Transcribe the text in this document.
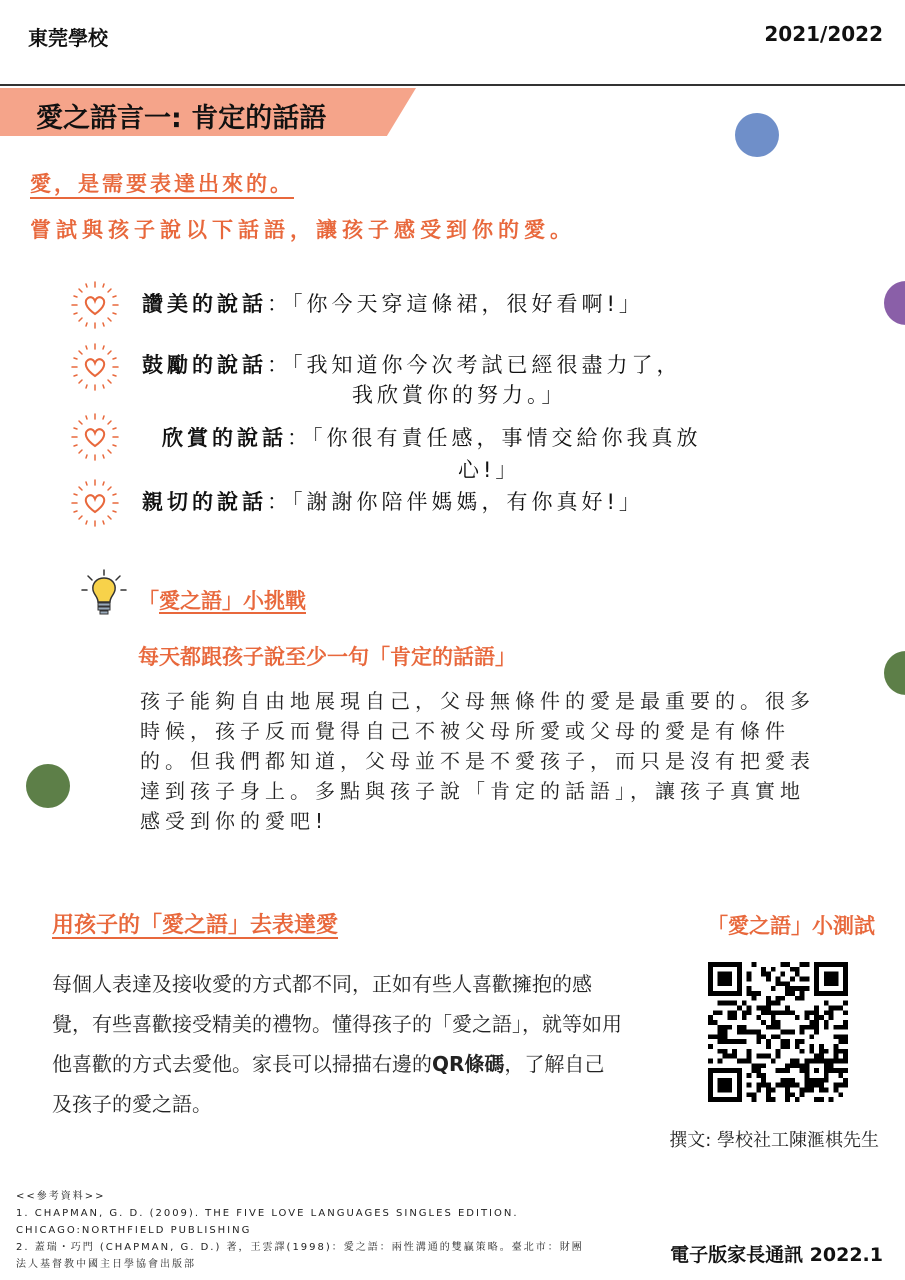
東莞學校	2021/2022
愛之語言一: 肯定的話語
愛，是需要表達出來的。
嘗試與孩子說以下話語，讓孩子感受到你的愛。
讚美的說話：「你今天穿這條裙，很好看啊!」
鼓勵的說話：「我知道你今次考試已經很盡力了，
我欣賞你的努力。」
欣賞的說話：「你很有責任感，事情交給你我真放
心!」
親切的說話：「謝謝你陪伴媽媽，有你真好!」
「愛之語」小挑戰
每天都跟孩子說至少一句「肯定的話語」
孩子能夠自由地展現自己，父母無條件的愛是最重要的。很多時候，孩子反而覺得自己不被父母所愛或父母的愛是有條件的。但我們都知道，父母並不是不愛孩子，而只是沒有把愛表達到孩子身上。多點與孩子說「肯定的話語」，讓孩子真實地感受到你的愛吧!
用孩子的「愛之語」去表達愛	「愛之語」小測試
每個人表達及接收愛的方式都不同，正如有些人喜歡擁抱的感覺，有些喜歡接受精美的禮物。懂得孩子的「愛之語」，就等如用他喜歡的方式去愛他。家長可以掃描右邊的QR條碼，了解自己及孩子的愛之語。
撰文: 學校社工陳滙棋先生
<<參考資料>>
1. CHAPMAN, G. D. (2009). THE FIVE LOVE LANGUAGES SINGLES EDITION.
CHICAGO:NORTHFIELD PUBLISHING
2. 蓋瑞・巧門 (CHAPMAN, G. D.) 著，王雲譯(1998)：愛之語：兩性溝通的雙贏策略。臺北市：財團
法人基督教中國主日學協會出版部	電子版家長通訊 2022.1
